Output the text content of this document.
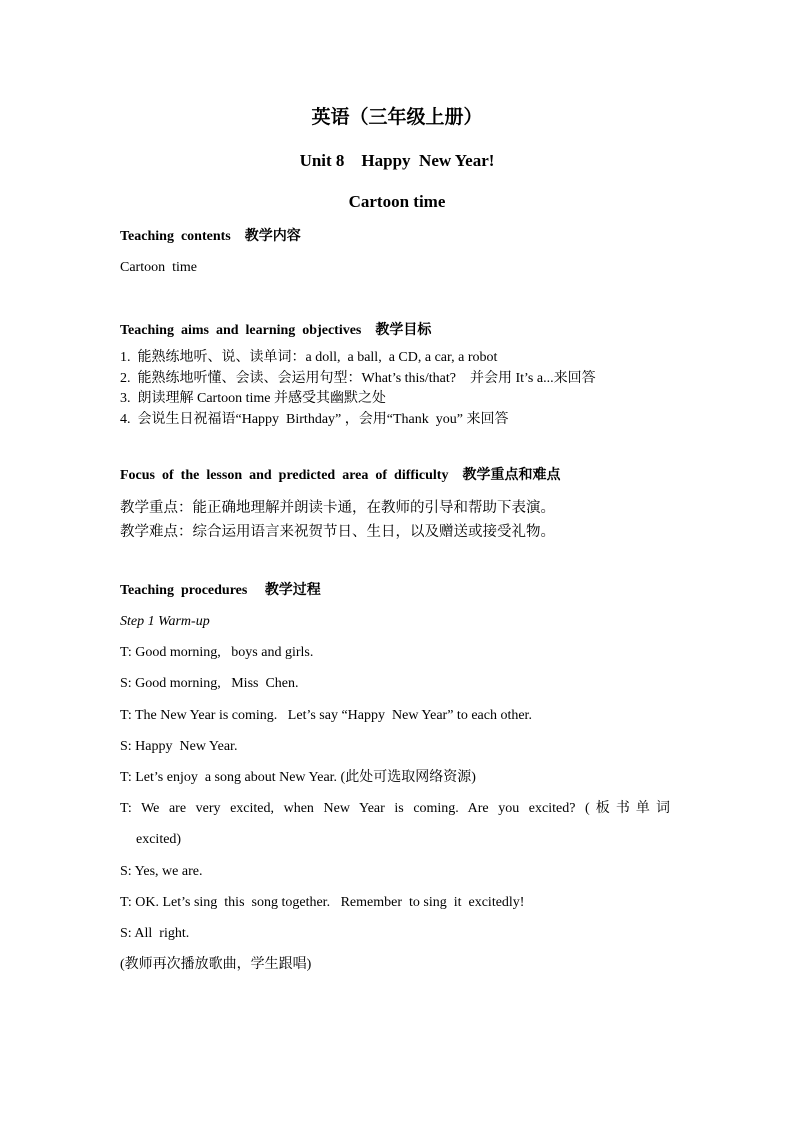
英语（三年级上册）
Unit 8    Happy  New Year!
Cartoon time
Teaching  contents    教学内容
Cartoon  time
Teaching  aims  and  learning  objectives    教学目标
1.  能熟练地听、说、读单词：a doll,  a ball,  a CD, a car, a robot
2.  能熟练地听懂、会读、会运用句型：What’s this/that?    并会用 It’s a...来回答
3.  朗读理解 Cartoon time 并感受其幽默之处
4.  会说生日祝福语“Happy  Birthday” ，会用“Thank  you” 来回答
Focus  of  the  lesson  and  predicted  area  of  difficulty    教学重点和难点
教学重点：能正确地理解并朗读卡通，在教师的引导和帮助下表演。
教学难点：综合运用语言来祝贺节日、生日，以及赠送或接受礼物。
Teaching  procedures     教学过程
Step 1 Warm-up
T: Good morning,   boys and girls.
S: Good morning,   Miss  Chen.
T: The New Year is coming.   Let’s say “Happy  New Year” to each other.
S: Happy  New Year.
T: Let’s enjoy  a song about New Year. (此处可选取网络资源)
T: We are very excited, when New Year is coming. Are you excited? (板书单词
excited)
S: Yes, we are.
T: OK. Let’s sing  this  song together.   Remember  to sing  it  excitedly!
S: All  right.
(教师再次播放歌曲，学生跟唱)
